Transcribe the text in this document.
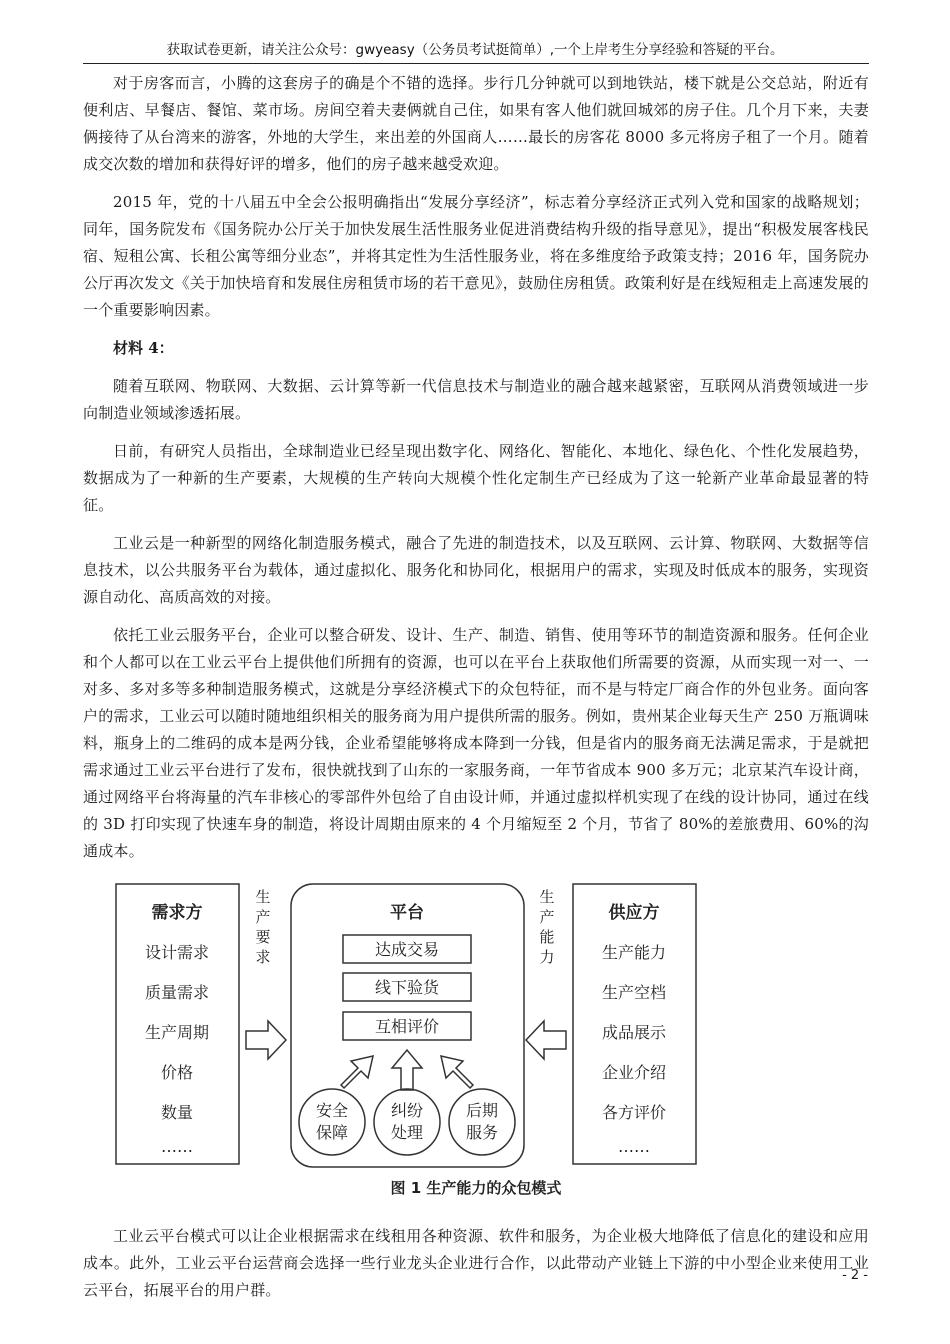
获取试卷更新，请关注公众号：gwyeasy（公务员考试挺简单）,一个上岸考生分享经验和答疑的平台。

对于房客而言，小腾的这套房子的确是个不错的选择。步行几分钟就可以到地铁站，楼下就是公交总站，附近有便利店、早餐店、餐馆、菜市场。房间空着夫妻俩就自己住，如果有客人他们就回城郊的房子住。几个月下来，夫妻俩接待了从台湾来的游客，外地的大学生，来出差的外国商人……最长的房客花 8000 多元将房子租了一个月。随着成交次数的增加和获得好评的增多，他们的房子越来越受欢迎。

2015 年，党的十八届五中全会公报明确指出“发展分享经济”，标志着分享经济正式列入党和国家的战略规划；同年，国务院发布《国务院办公厅关于加快发展生活性服务业促进消费结构升级的指导意见》，提出“积极发展客栈民宿、短租公寓、长租公寓等细分业态”，并将其定性为生活性服务业，将在多维度给予政策支持；2016 年，国务院办公厅再次发文《关于加快培育和发展住房租赁市场的若干意见》，鼓励住房租赁。政策利好是在线短租走上高速发展的一个重要影响因素。

材料 4：

随着互联网、物联网、大数据、云计算等新一代信息技术与制造业的融合越来越紧密，互联网从消费领域进一步向制造业领域渗透拓展。

日前，有研究人员指出，全球制造业已经呈现出数字化、网络化、智能化、本地化、绿色化、个性化发展趋势，数据成为了一种新的生产要素，大规模的生产转向大规模个性化定制生产已经成为了这一轮新产业革命最显著的特征。

工业云是一种新型的网络化制造服务模式，融合了先进的制造技术，以及互联网、云计算、物联网、大数据等信息技术，以公共服务平台为载体，通过虚拟化、服务化和协同化，根据用户的需求，实现及时低成本的服务，实现资源自动化、高质高效的对接。

依托工业云服务平台，企业可以整合研发、设计、生产、制造、销售、使用等环节的制造资源和服务。任何企业和个人都可以在工业云平台上提供他们所拥有的资源，也可以在平台上获取他们所需要的资源，从而实现一对一、一对多、多对多等多种制造服务模式，这就是分享经济模式下的众包特征，而不是与特定厂商合作的外包业务。面向客户的需求，工业云可以随时随地组织相关的服务商为用户提供所需的服务。例如，贵州某企业每天生产 250 万瓶调味料，瓶身上的二维码的成本是两分钱，企业希望能够将成本降到一分钱，但是省内的服务商无法满足需求，于是就把需求通过工业云平台进行了发布，很快就找到了山东的一家服务商，一年节省成本 900 多万元；北京某汽车设计商，通过网络平台将海量的汽车非核心的零部件外包给了自由设计师，并通过虚拟样机实现了在线的设计协同，通过在线的 3D 打印实现了快速车身的制造，将设计周期由原来的 4 个月缩短至 2 个月，节省了 80%的差旅费用、60%的沟通成本。

需求方
设计需求
质量需求
生产周期
价格
数量
……
生
产
要
求
平台
达成交易
线下验货
互相评价
安全
保障
纠纷
处理
后期
服务
生
产
能
力
供应方
生产能力
生产空档
成品展示
企业介绍
各方评价
……
图 1 生产能力的众包模式

工业云平台模式可以让企业根据需求在线租用各种资源、软件和服务，为企业极大地降低了信息化的建设和应用成本。此外，工业云平台运营商会选择一些行业龙头企业进行合作，以此带动产业链上下游的中小型企业来使用工业云平台，拓展平台的用户群。

- 2 -
